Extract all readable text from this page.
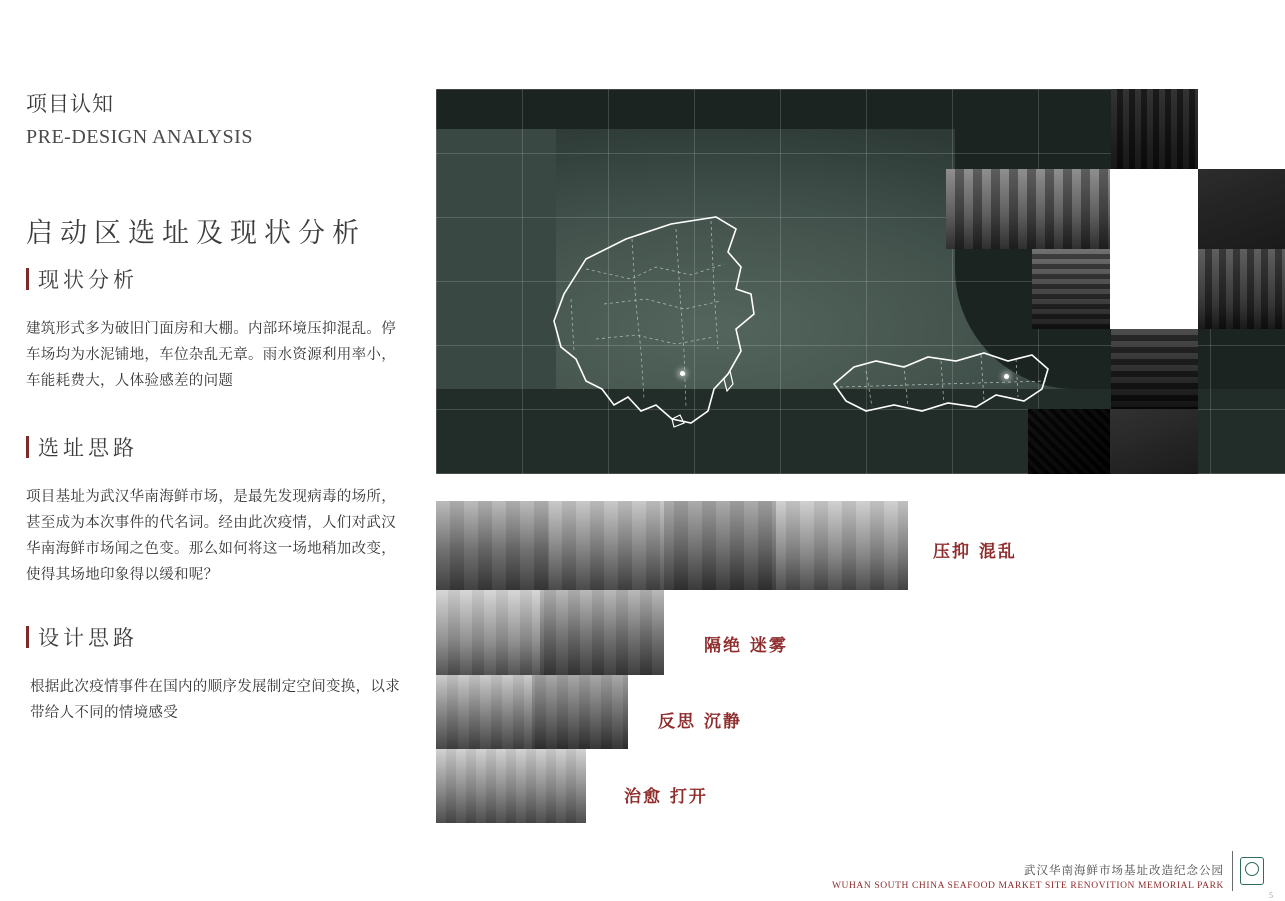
项目认知
PRE-DESIGN ANALYSIS
启动区选址及现状分析
现状分析
建筑形式多为破旧门面房和大棚。内部环境压抑混乱。停车场均为水泥铺地，车位杂乱无章。雨水资源利用率小，车能耗费大，人体验感差的问题
选址思路
项目基址为武汉华南海鲜市场，是最先发现病毒的场所，甚至成为本次事件的代名词。经由此次疫情，人们对武汉华南海鲜市场闻之色变。那么如何将这一场地稍加改变，使得其场地印象得以缓和呢？
设计思路
根据此次疫情事件在国内的顺序发展制定空间变换，以求带给人不同的情境感受
压抑 混乱
隔绝 迷雾
反思 沉静
治愈 打开
武汉华南海鲜市场基址改造纪念公园
WUHAN SOUTH CHINA SEAFOOD MARKET SITE RENOVITION MEMORIAL PARK
5
